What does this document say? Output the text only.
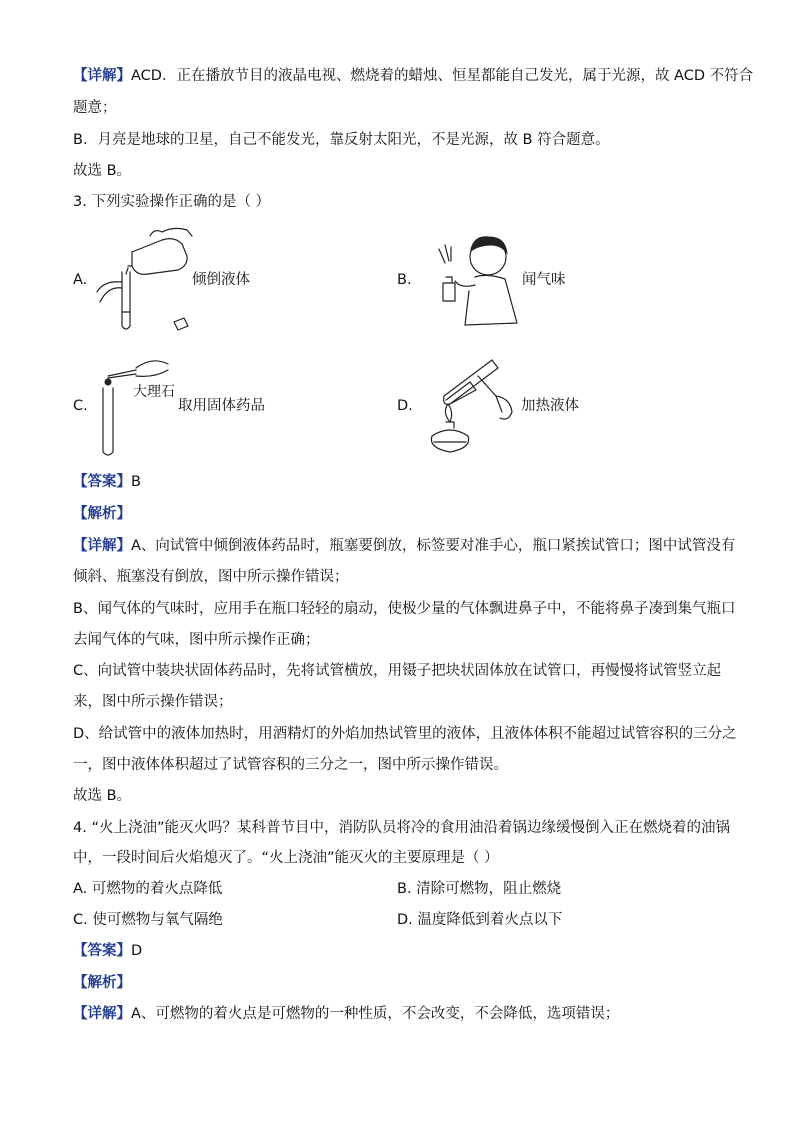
【详解】ACD．正在播放节目的液晶电视、燃烧着的蜡烛、恒星都能自己发光，属于光源，故 ACD 不符合
题意；
B．月亮是地球的卫星，自己不能发光，靠反射太阳光，不是光源，故 B 符合题意。
故选 B。
3. 下列实验操作正确的是（ ）
A.	倾倒液体	B.	闻气味
C.
大理石
取用固体药品	D.	加热液体
【答案】B
【解析】
【详解】A、向试管中倾倒液体药品时，瓶塞要倒放，标签要对准手心，瓶口紧挨试管口；图中试管没有
倾斜、瓶塞没有倒放，图中所示操作错误；
B、闻气体的气味时，应用手在瓶口轻轻的扇动，使极少量的气体飘进鼻子中，不能将鼻子凑到集气瓶口
去闻气体的气味，图中所示操作正确；
C、向试管中装块状固体药品时，先将试管横放，用镊子把块状固体放在试管口，再慢慢将试管竖立起
来，图中所示操作错误；
D、给试管中的液体加热时，用酒精灯的外焰加热试管里的液体，且液体体积不能超过试管容积的三分之
一，图中液体体积超过了试管容积的三分之一，图中所示操作错误。
故选 B。
4. “火上浇油”能灭火吗？某科普节目中，消防队员将冷的食用油沿着锅边缘缓慢倒入正在燃烧着的油锅
中，一段时间后火焰熄灭了。“火上浇油”能灭火的主要原理是（ ）
A. 可燃物的着火点降低	B. 清除可燃物，阻止燃烧
C. 使可燃物与氧气隔绝	D. 温度降低到着火点以下
【答案】D
【解析】
【详解】A、可燃物的着火点是可燃物的一种性质，不会改变，不会降低，选项错误；
